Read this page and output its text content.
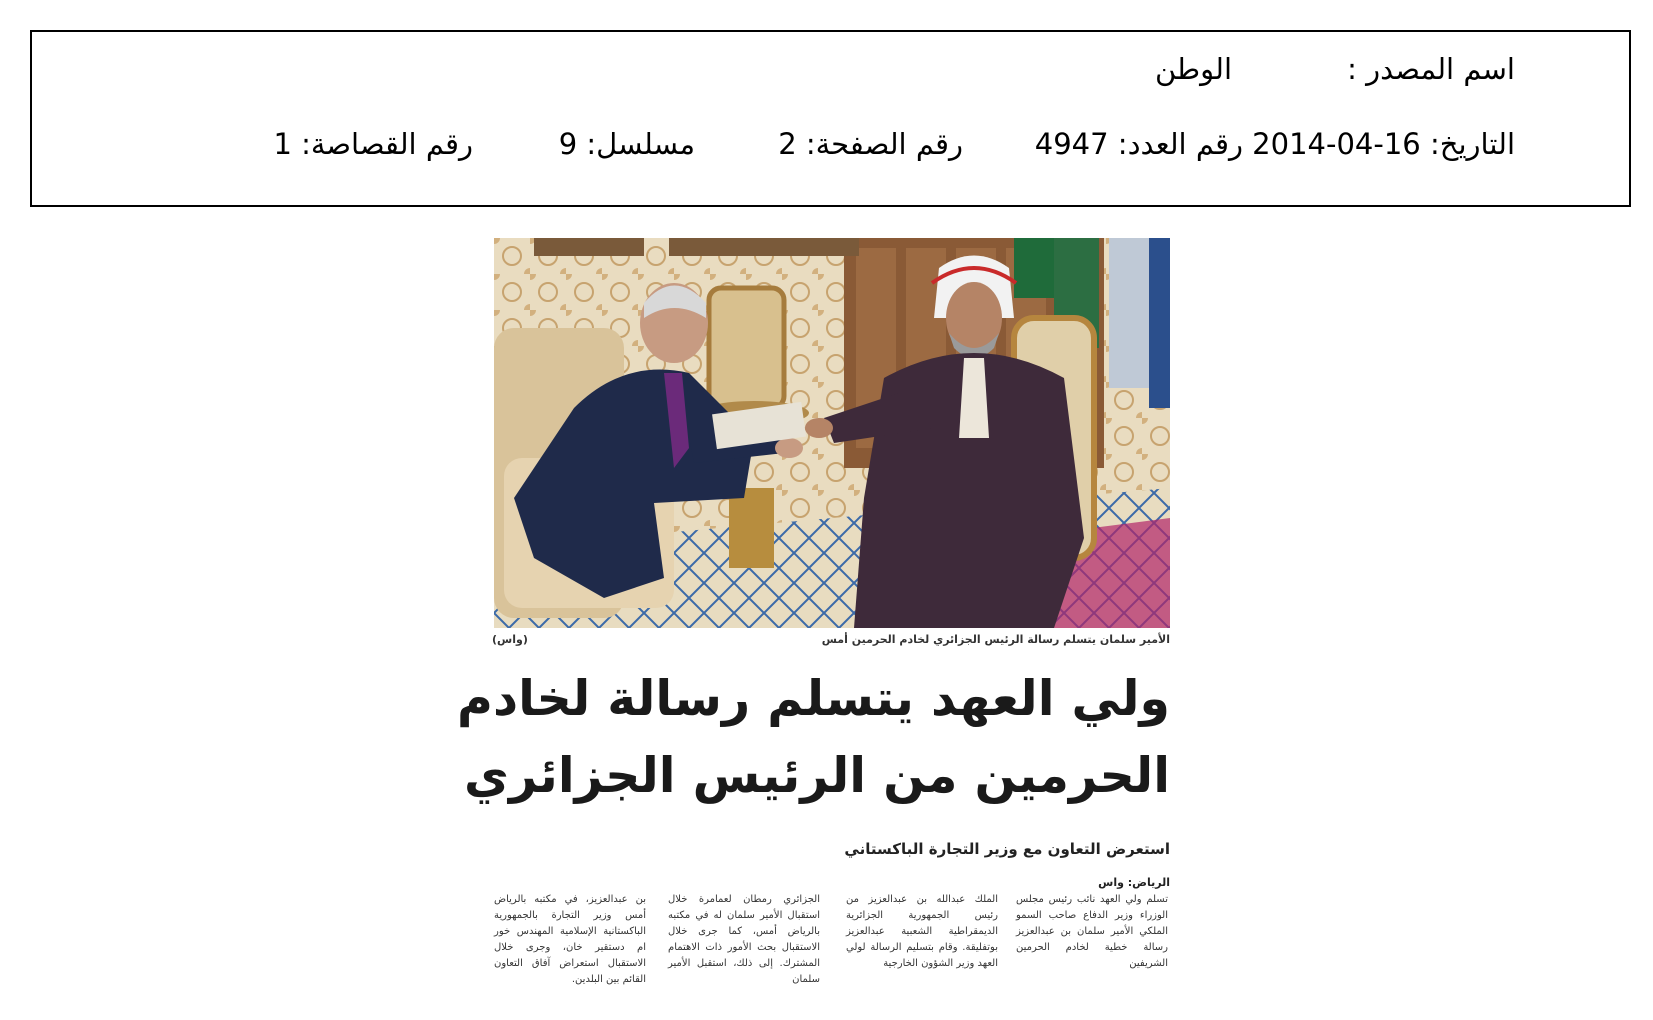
اسم المصدر :
الوطن
التاريخ: 16-04-2014
رقم العدد: 4947
رقم الصفحة: 2
مسلسل: 9
رقم القصاصة: 1
الأمير سلمان يتسلم رسالة الرئيس الجزائري لخادم الحرمين أمس
(واس)
ولي العهد يتسلم رسالة لخادم
الحرمين من الرئيس الجزائري
استعرض التعاون مع وزير التجارة الباكستاني
الرياض: واس

تسلم ولي العهد نائب رئيس مجلس الوزراء وزير الدفاع صاحب السمو الملكي الأمير سلمان بن عبدالعزيز رسالة خطية لخادم الحرمين الشريفين

الملك عبدالله بن عبدالعزيز من رئيس الجمهورية الجزائرية الديمقراطية الشعبية عبدالعزيز بوتفليقة. وقام بتسليم الرسالة لولي العهد وزير الشؤون الخارجية

الجزائري رمطان لعمامرة خلال استقبال الأمير سلمان له في مكتبه بالرياض أمس، كما جرى خلال الاستقبال بحث الأمور ذات الاهتمام المشترك. إلى ذلك، استقبل الأمير سلمان

بن عبدالعزيز، في مكتبه بالرياض أمس وزير التجارة بالجمهورية الباكستانية الإسلامية المهندس خور ام دستقير خان، وجرى خلال الاستقبال استعراض آفاق التعاون القائم بين البلدين.
